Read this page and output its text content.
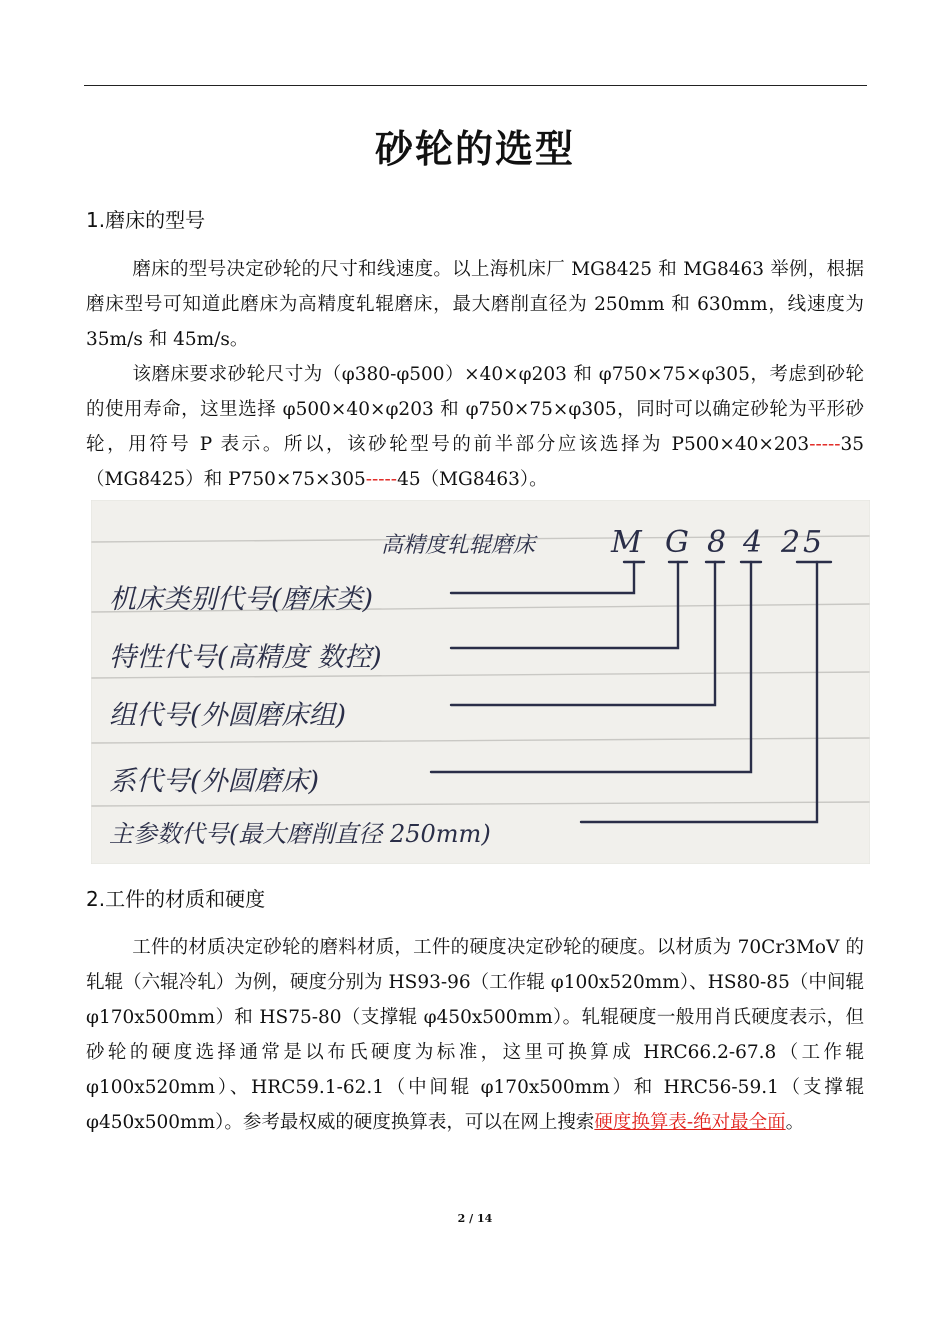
砂轮的选型
1.磨床的型号
磨床的型号决定砂轮的尺寸和线速度。以上海机床厂 MG8425 和 MG8463 举例，根据磨床型号可知道此磨床为高精度轧辊磨床，最大磨削直径为 250mm 和 630mm，线速度为 35m/s 和 45m/s。
该磨床要求砂轮尺寸为（φ380-φ500）×40×φ203 和 φ750×75×φ305，考虑到砂轮的使用寿命，这里选择 φ500×40×φ203 和 φ750×75×φ305，同时可以确定砂轮为平形砂轮，用符号 P 表示。所以，该砂轮型号的前半部分应该选择为 P500×40×203-----35（MG8425）和 P750×75×305-----45（MG8463）。
高精度轧辊磨床	M G 8 4 2 5
机床类别代号(磨床类)
特性代号(高精度 数控)
组代号(外圆磨床组)
系代号(外圆磨床)
主参数代号(最大磨削直径 250mm)
2.工件的材质和硬度
工件的材质决定砂轮的磨料材质，工件的硬度决定砂轮的硬度。以材质为 70Cr3MoV 的轧辊（六辊冷轧）为例，硬度分别为 HS93-96（工作辊 φ100x520mm）、HS80-85（中间辊 φ170x500mm）和 HS75-80（支撑辊 φ450x500mm）。轧辊硬度一般用肖氏硬度表示，但砂轮的硬度选择通常是以布氏硬度为标准，这里可换算成 HRC66.2-67.8（工作辊 φ100x520mm）、HRC59.1-62.1（中间辊 φ170x500mm）和 HRC56-59.1（支撑辊 φ450x500mm）。参考最权威的硬度换算表，可以在网上搜索硬度换算表-绝对最全面。
2 / 14
